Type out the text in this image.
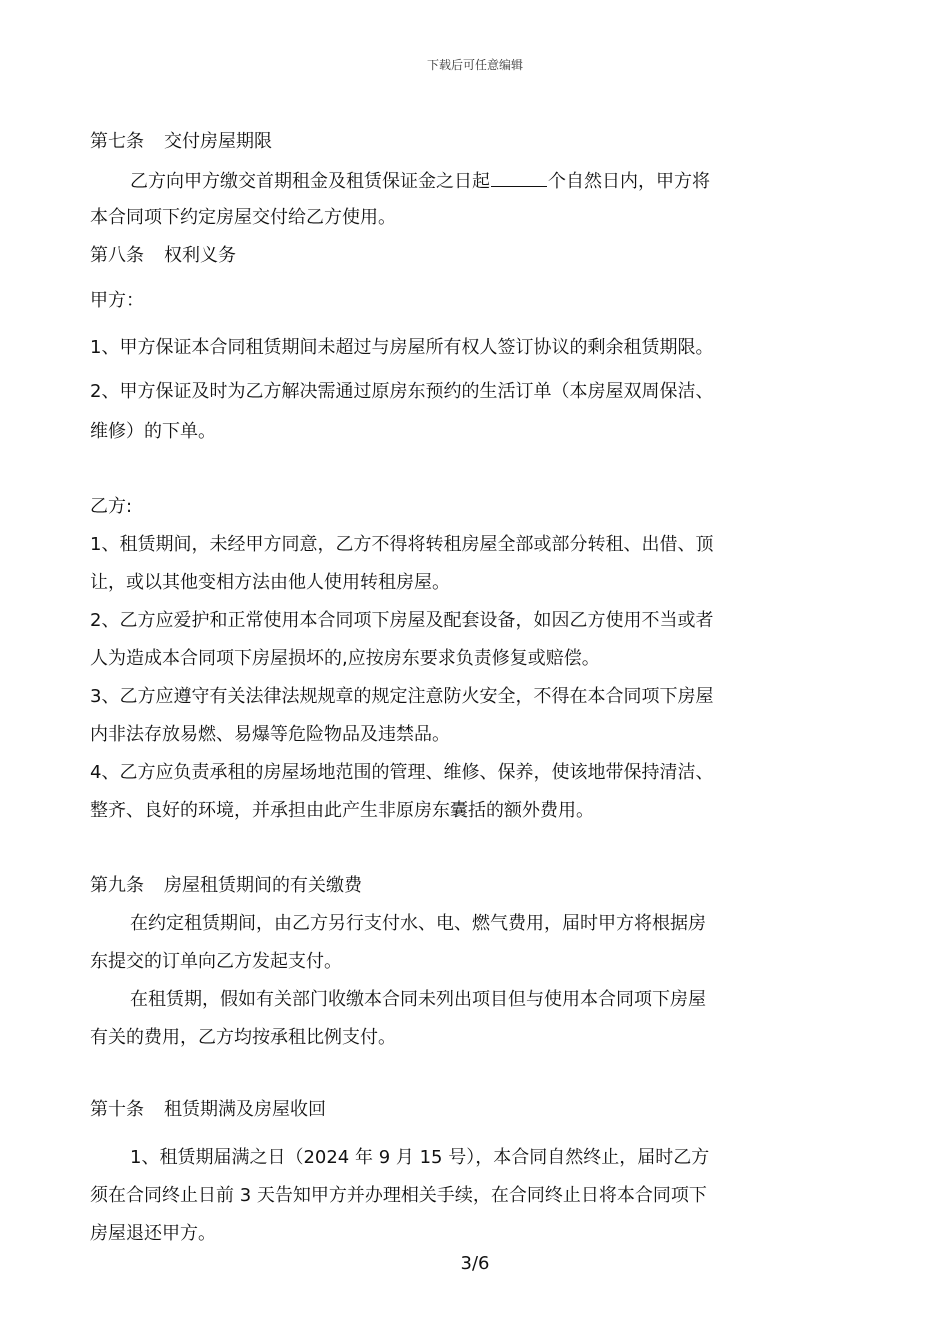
下载后可任意编辑
第七条 交付房屋期限
乙方向甲方缴交首期租金及租赁保证金之日起	个自然日内，甲方将
本合同项下约定房屋交付给乙方使用。
第八条 权利义务
甲方：
1、甲方保证本合同租赁期间未超过与房屋所有权人签订协议的剩余租赁期限。
2、甲方保证及时为乙方解决需通过原房东预约的生活订单（本房屋双周保洁、
维修）的下单。
乙方:
1、租赁期间，未经甲方同意，乙方不得将转租房屋全部或部分转租、出借、顶
让，或以其他变相方法由他人使用转租房屋。
2、乙方应爱护和正常使用本合同项下房屋及配套设备，如因乙方使用不当或者
人为造成本合同项下房屋损坏的,应按房东要求负责修复或赔偿。
3、乙方应遵守有关法律法规规章的规定注意防火安全，不得在本合同项下房屋
内非法存放易燃、易爆等危险物品及违禁品。
4、乙方应负责承租的房屋场地范围的管理、维修、保养，使该地带保持清洁、
整齐、良好的环境，并承担由此产生非原房东囊括的额外费用。
第九条 房屋租赁期间的有关缴费
在约定租赁期间，由乙方另行支付水、电、燃气费用，届时甲方将根据房
东提交的订单向乙方发起支付。
在租赁期，假如有关部门收缴本合同未列出项目但与使用本合同项下房屋
有关的费用，乙方均按承租比例支付。
第十条 租赁期满及房屋收回
1、租赁期届满之日（2024 年 9 月 15 号），本合同自然终止，届时乙方
须在合同终止日前 3 天告知甲方并办理相关手续，在合同终止日将本合同项下
房屋退还甲方。
3/6
